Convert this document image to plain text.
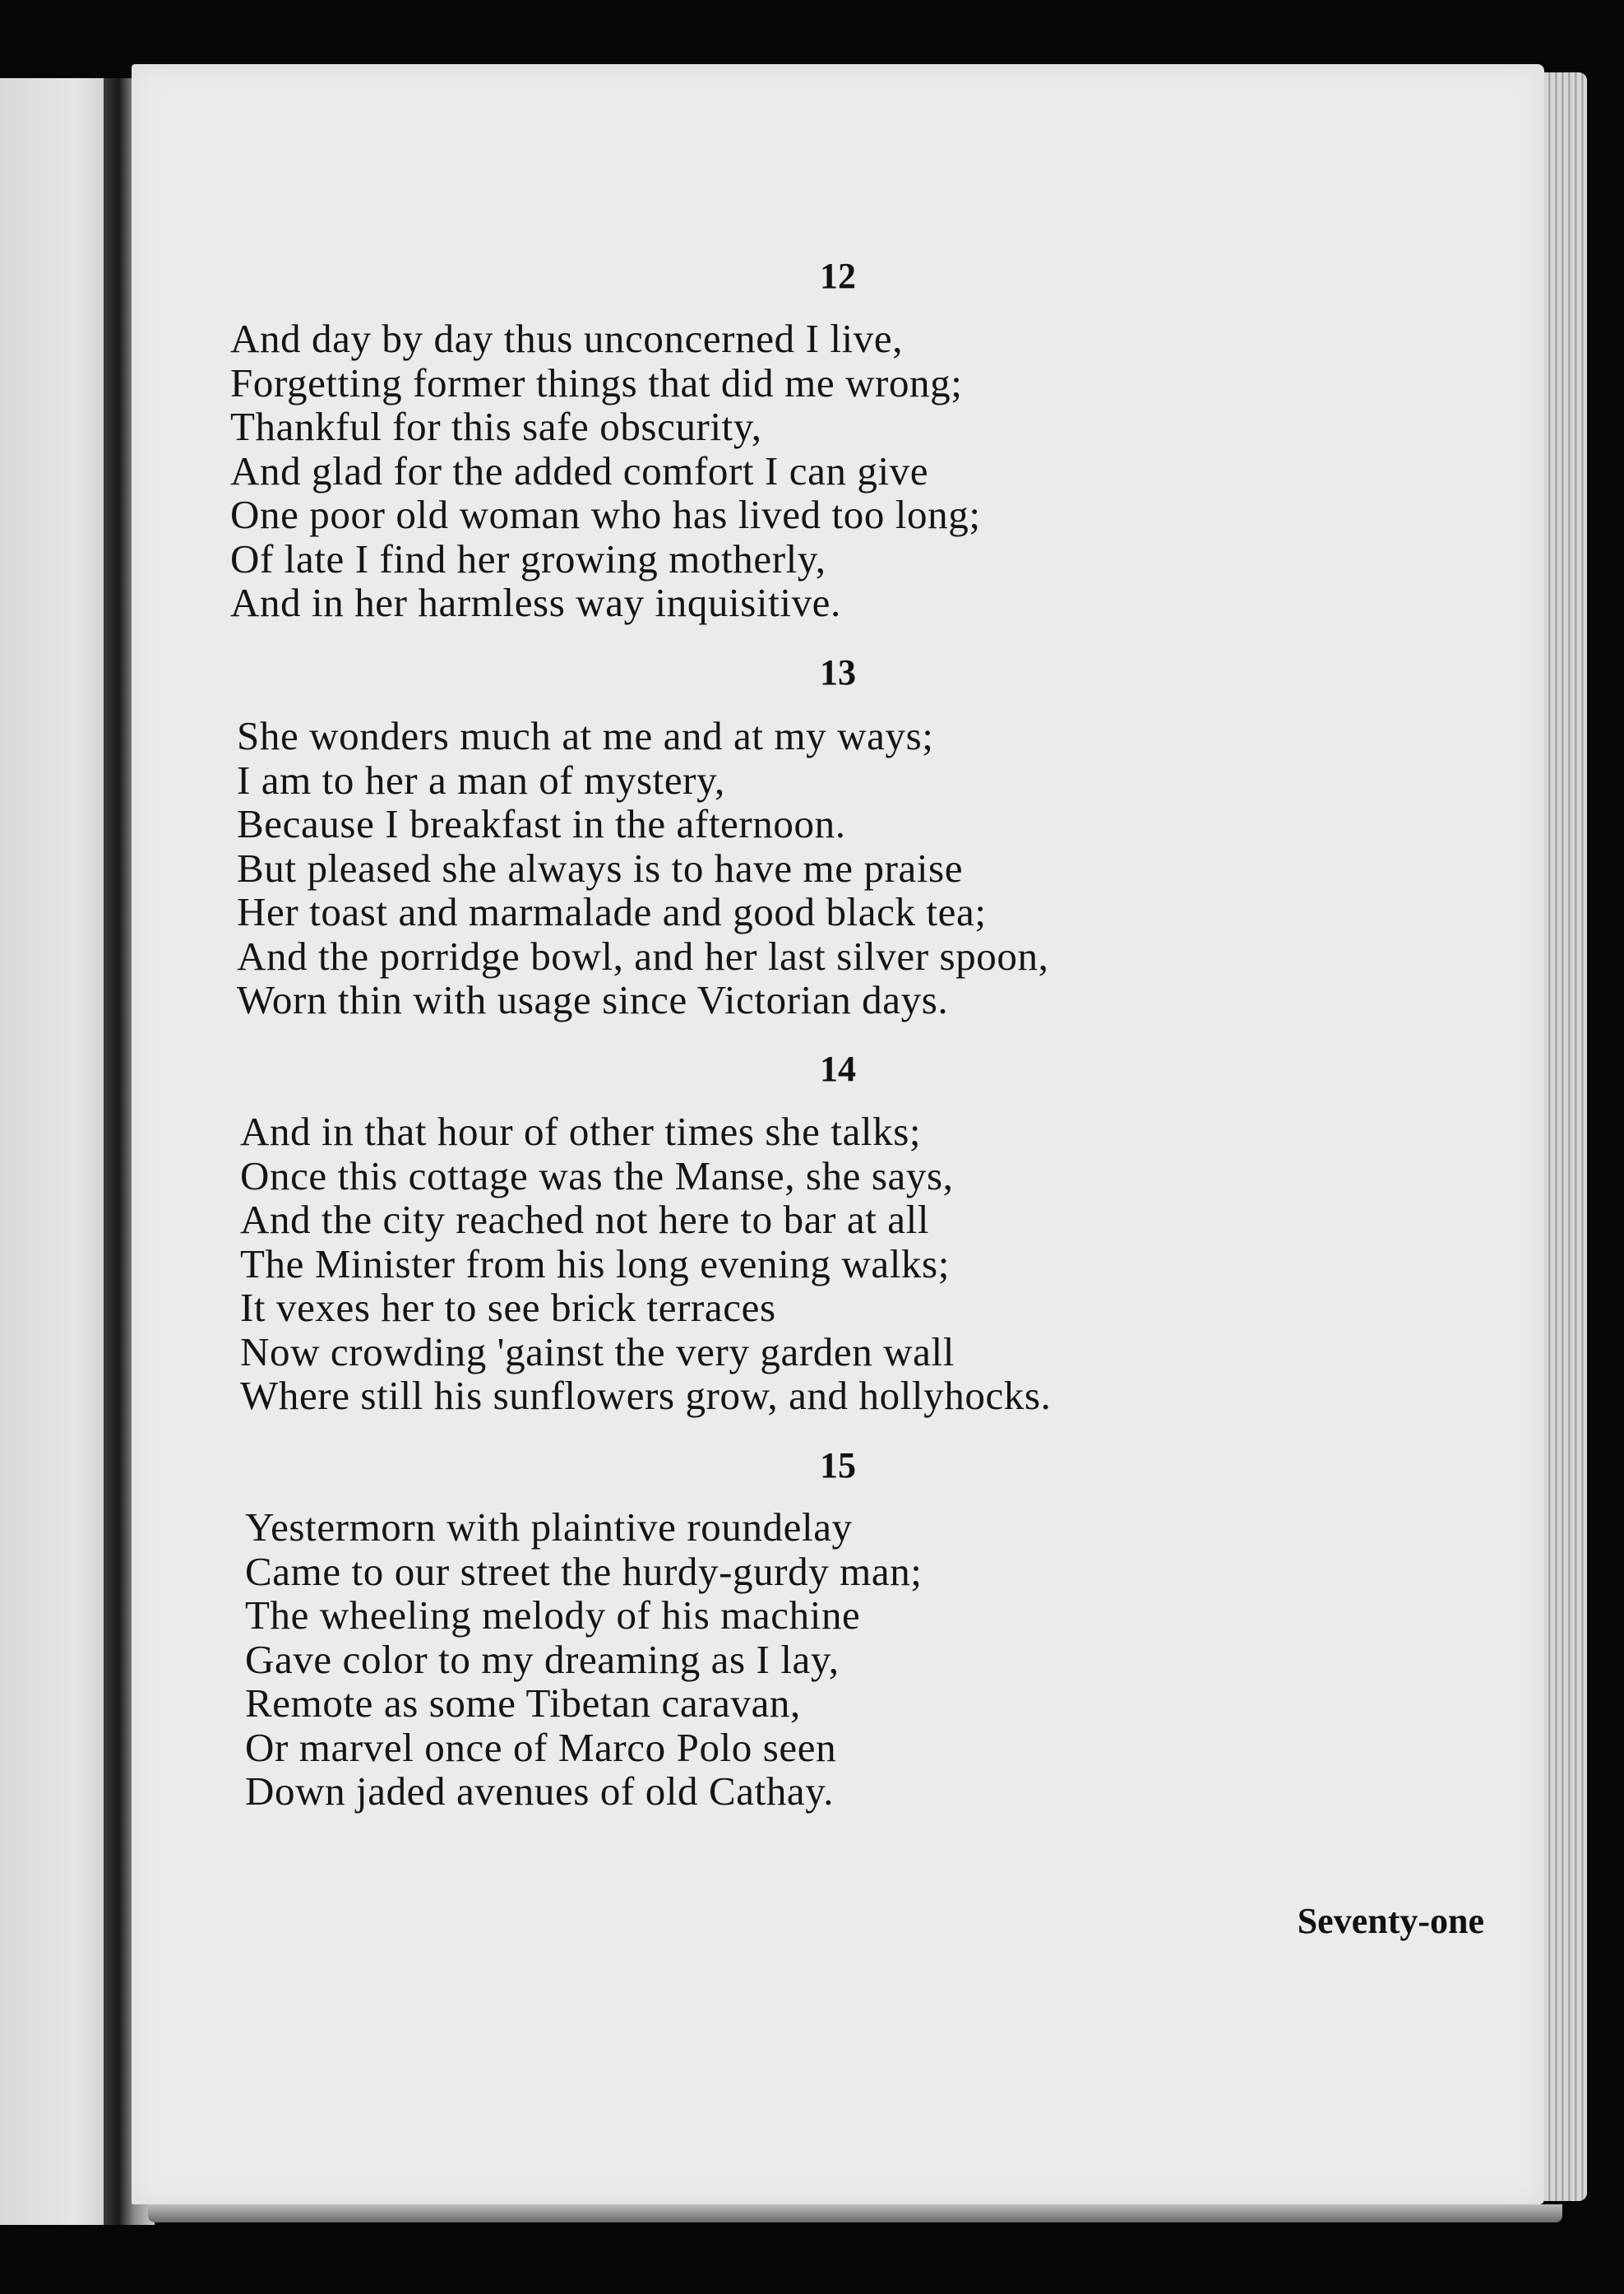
12
And day by day thus unconcerned I live,
Forgetting former things that did me wrong;
Thankful for this safe obscurity,
And glad for the added comfort I can give
One poor old woman who has lived too long;
Of late I find her growing motherly,
And in her harmless way inquisitive.
13
She wonders much at me and at my ways;
I am to her a man of mystery,
Because I breakfast in the afternoon.
But pleased she always is to have me praise
Her toast and marmalade and good black tea;
And the porridge bowl, and her last silver spoon,
Worn thin with usage since Victorian days.
14
And in that hour of other times she talks;
Once this cottage was the Manse, she says,
And the city reached not here to bar at all
The Minister from his long evening walks;
It vexes her to see brick terraces
Now crowding 'gainst the very garden wall
Where still his sunflowers grow, and hollyhocks.
15
Yestermorn with plaintive roundelay
Came to our street the hurdy-gurdy man;
The wheeling melody of his machine
Gave color to my dreaming as I lay,
Remote as some Tibetan caravan,
Or marvel once of Marco Polo seen
Down jaded avenues of old Cathay.
Seventy-one
